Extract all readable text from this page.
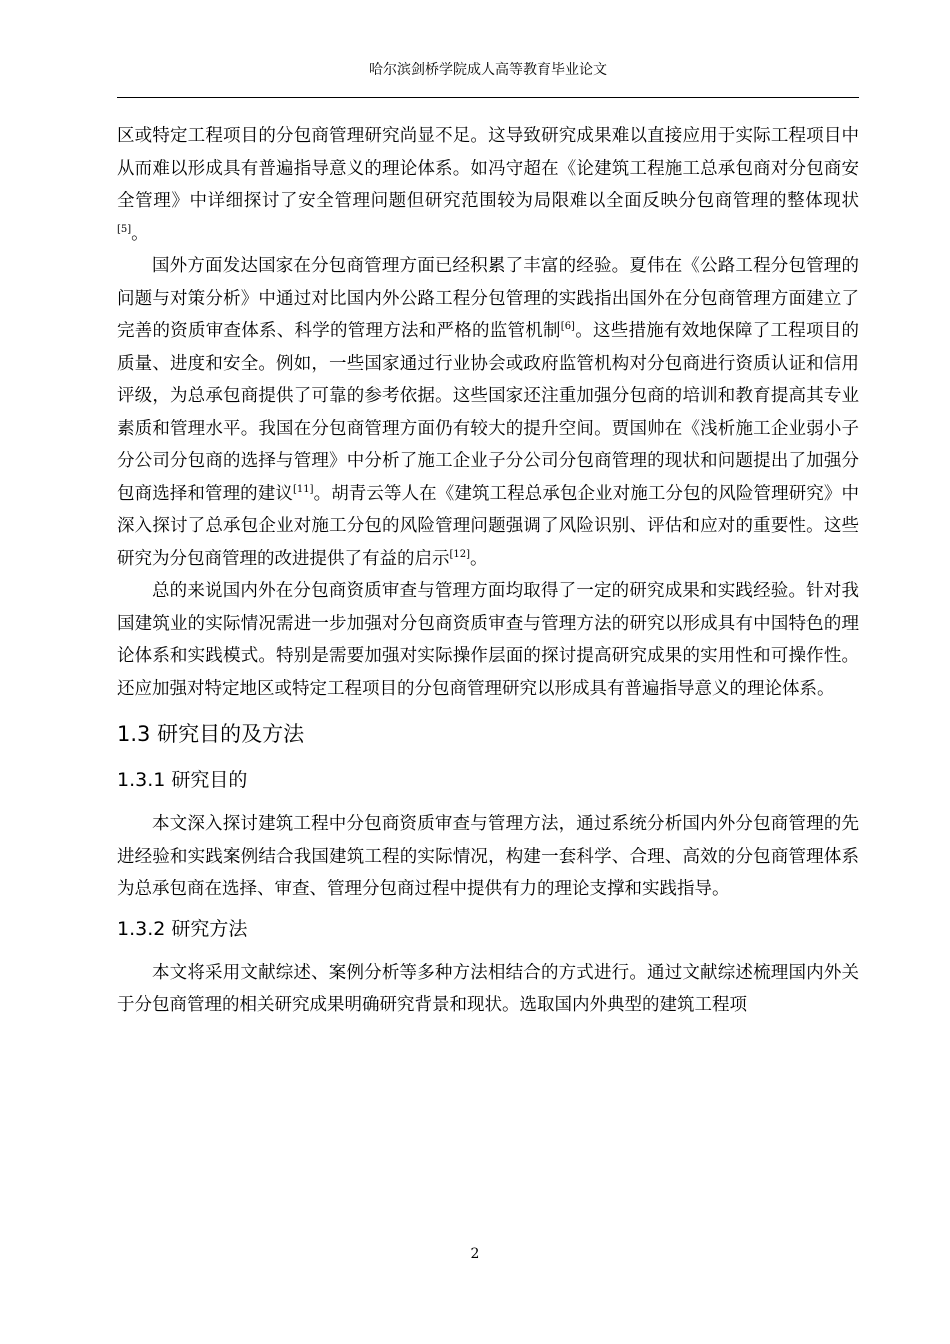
哈尔滨剑桥学院成人高等教育毕业论文

区或特定工程项目的分包商管理研究尚显不足。这导致研究成果难以直接应用于实际工程项目中从而难以形成具有普遍指导意义的理论体系。如冯守超在《论建筑工程施工总承包商对分包商安全管理》中详细探讨了安全管理问题但研究范围较为局限难以全面反映分包商管理的整体现状[5]。

国外方面发达国家在分包商管理方面已经积累了丰富的经验。夏伟在《公路工程分包管理的问题与对策分析》中通过对比国内外公路工程分包管理的实践指出国外在分包商管理方面建立了完善的资质审查体系、科学的管理方法和严格的监管机制[6]。这些措施有效地保障了工程项目的质量、进度和安全。例如，一些国家通过行业协会或政府监管机构对分包商进行资质认证和信用评级，为总承包商提供了可靠的参考依据。这些国家还注重加强分包商的培训和教育提高其专业素质和管理水平。我国在分包商管理方面仍有较大的提升空间。贾国帅在《浅析施工企业弱小子分公司分包商的选择与管理》中分析了施工企业子分公司分包商管理的现状和问题提出了加强分包商选择和管理的建议[11]。胡青云等人在《建筑工程总承包企业对施工分包的风险管理研究》中深入探讨了总承包企业对施工分包的风险管理问题强调了风险识别、评估和应对的重要性。这些研究为分包商管理的改进提供了有益的启示[12]。

总的来说国内外在分包商资质审查与管理方面均取得了一定的研究成果和实践经验。针对我国建筑业的实际情况需进一步加强对分包商资质审查与管理方法的研究以形成具有中国特色的理论体系和实践模式。特别是需要加强对实际操作层面的探讨提高研究成果的实用性和可操作性。还应加强对特定地区或特定工程项目的分包商管理研究以形成具有普遍指导意义的理论体系。

1.3 研究目的及方法
1.3.1 研究目的

本文深入探讨建筑工程中分包商资质审查与管理方法，通过系统分析国内外分包商管理的先进经验和实践案例结合我国建筑工程的实际情况，构建一套科学、合理、高效的分包商管理体系为总承包商在选择、审查、管理分包商过程中提供有力的理论支撑和实践指导。

1.3.2 研究方法

本文将采用文献综述、案例分析等多种方法相结合的方式进行。通过文献综述梳理国内外关于分包商管理的相关研究成果明确研究背景和现状。选取国内外典型的建筑工程项

2
